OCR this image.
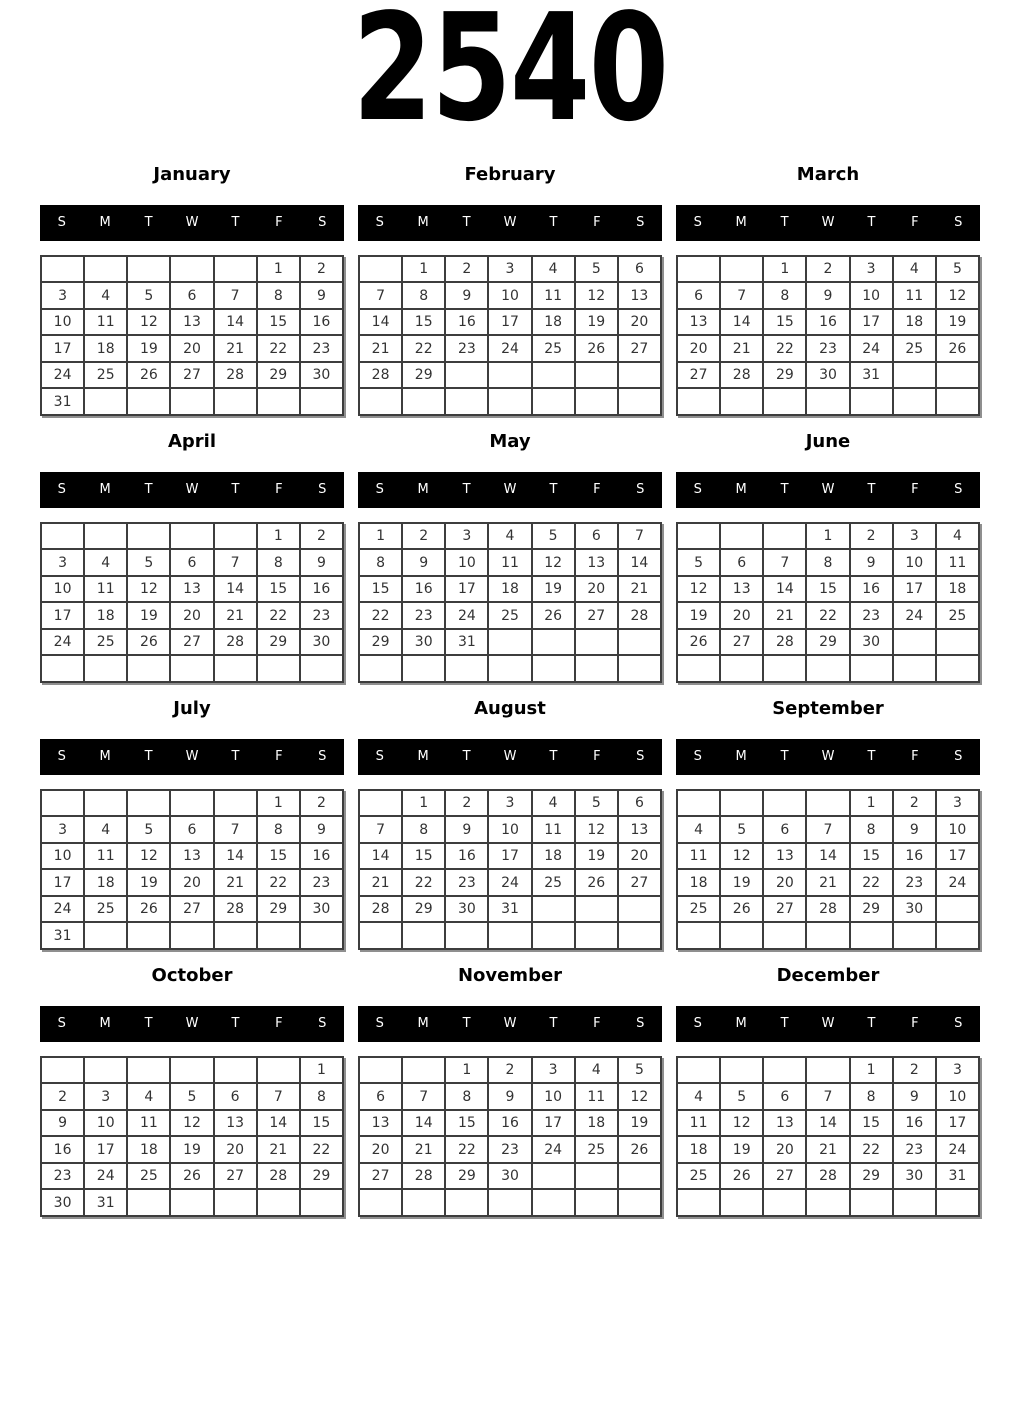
2540
January
S	M	T	W	T	F	S
					1	2
3	4	5	6	7	8	9
10	11	12	13	14	15	16
17	18	19	20	21	22	23
24	25	26	27	28	29	30
31						
February
S	M	T	W	T	F	S
	1	2	3	4	5	6
7	8	9	10	11	12	13
14	15	16	17	18	19	20
21	22	23	24	25	26	27
28	29					

March
S	M	T	W	T	F	S
		1	2	3	4	5
6	7	8	9	10	11	12
13	14	15	16	17	18	19
20	21	22	23	24	25	26
27	28	29	30	31		

April
S	M	T	W	T	F	S
					1	2
3	4	5	6	7	8	9
10	11	12	13	14	15	16
17	18	19	20	21	22	23
24	25	26	27	28	29	30

May
S	M	T	W	T	F	S
1	2	3	4	5	6	7
8	9	10	11	12	13	14
15	16	17	18	19	20	21
22	23	24	25	26	27	28
29	30	31				

June
S	M	T	W	T	F	S
			1	2	3	4
5	6	7	8	9	10	11
12	13	14	15	16	17	18
19	20	21	22	23	24	25
26	27	28	29	30		

July
S	M	T	W	T	F	S
					1	2
3	4	5	6	7	8	9
10	11	12	13	14	15	16
17	18	19	20	21	22	23
24	25	26	27	28	29	30
31						
August
S	M	T	W	T	F	S
	1	2	3	4	5	6
7	8	9	10	11	12	13
14	15	16	17	18	19	20
21	22	23	24	25	26	27
28	29	30	31			

September
S	M	T	W	T	F	S
				1	2	3
4	5	6	7	8	9	10
11	12	13	14	15	16	17
18	19	20	21	22	23	24
25	26	27	28	29	30	

October
S	M	T	W	T	F	S
						1
2	3	4	5	6	7	8
9	10	11	12	13	14	15
16	17	18	19	20	21	22
23	24	25	26	27	28	29
30	31					
November
S	M	T	W	T	F	S
		1	2	3	4	5
6	7	8	9	10	11	12
13	14	15	16	17	18	19
20	21	22	23	24	25	26
27	28	29	30			

December
S	M	T	W	T	F	S
				1	2	3
4	5	6	7	8	9	10
11	12	13	14	15	16	17
18	19	20	21	22	23	24
25	26	27	28	29	30	31
